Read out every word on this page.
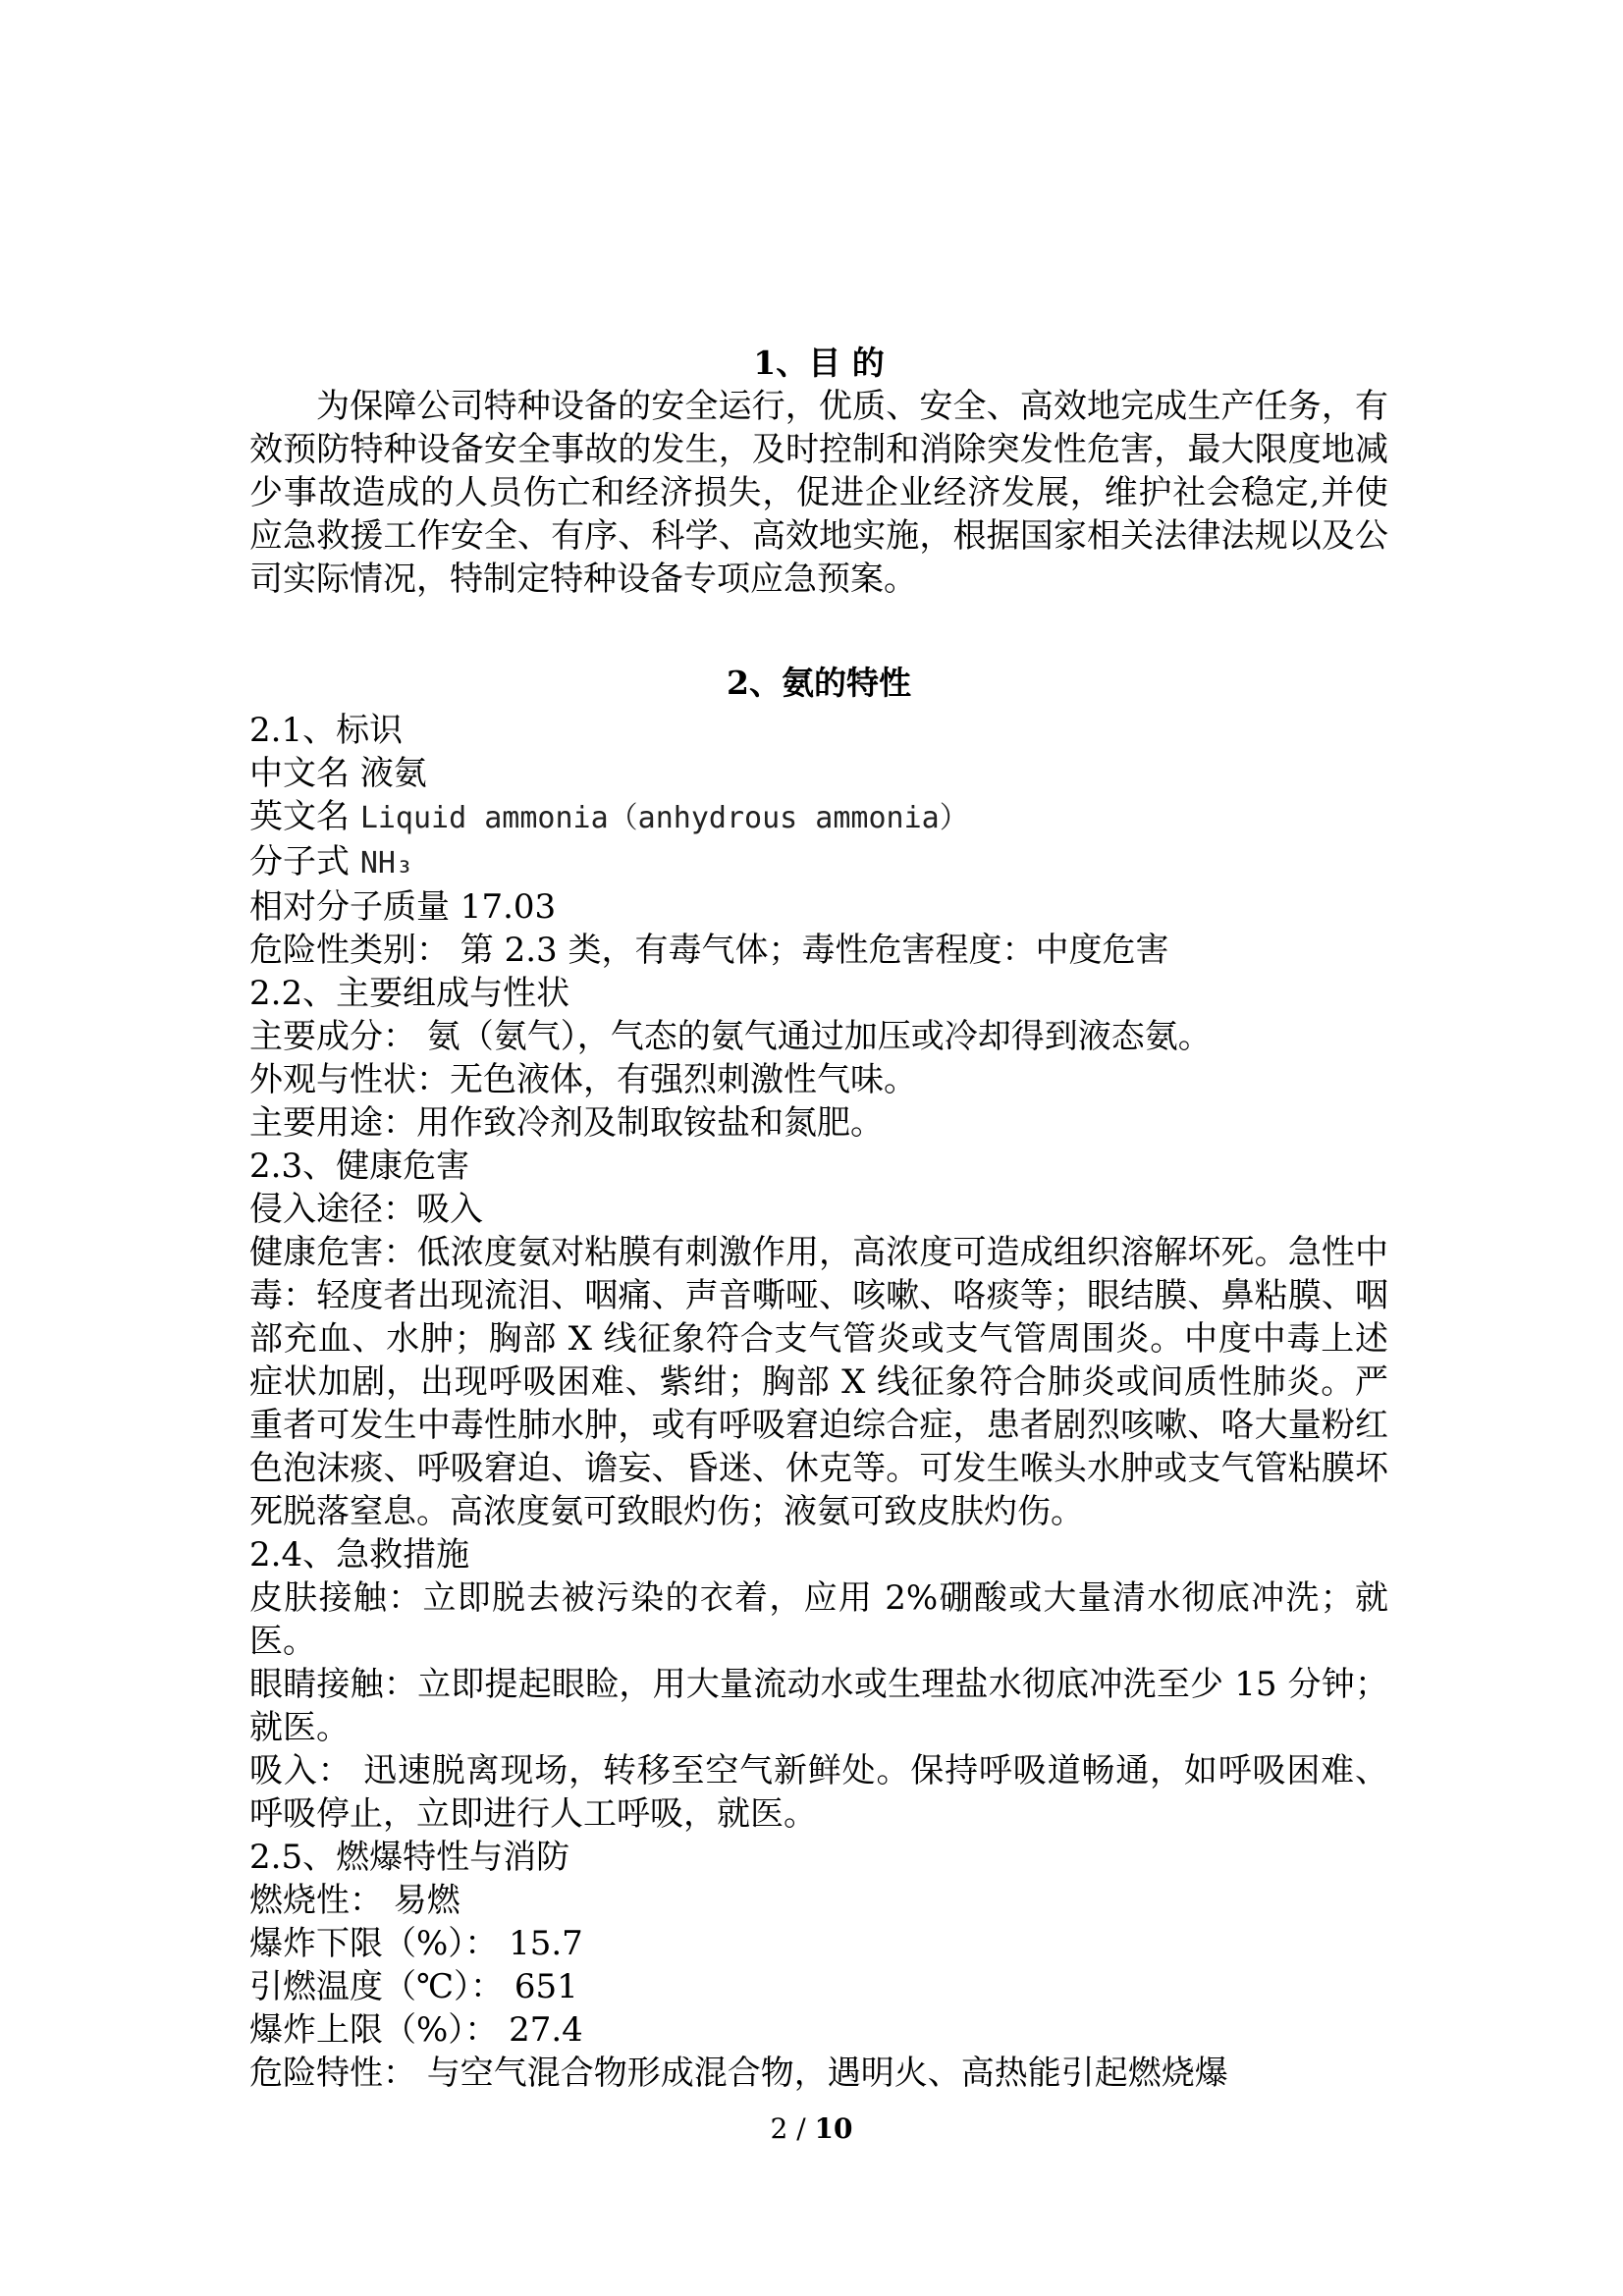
1、目 的
为保障公司特种设备的安全运行，优质、安全、高效地完成生产任务，有效预防特种设备安全事故的发生，及时控制和消除突发性危害，最大限度地减少事故造成的人员伤亡和经济损失，促进企业经济发展，维护社会稳定,并使应急救援工作安全、有序、科学、高效地实施，根据国家相关法律法规以及公司实际情况，特制定特种设备专项应急预案。
2、氨的特性
2.1、标识
中文名 液氨
英文名 Liquid ammonia（anhydrous ammonia）
分子式 NH₃
相对分子质量 17.03
危险性类别： 第 2.3 类，有毒气体；毒性危害程度：中度危害
2.2、主要组成与性状
主要成分： 氨（氨气），气态的氨气通过加压或冷却得到液态氨。
外观与性状：无色液体，有强烈刺激性气味。
主要用途：用作致冷剂及制取铵盐和氮肥。
2.3、健康危害
侵入途径：吸入
健康危害：低浓度氨对粘膜有刺激作用，高浓度可造成组织溶解坏死。急性中毒：轻度者出现流泪、咽痛、声音嘶哑、咳嗽、咯痰等；眼结膜、鼻粘膜、咽部充血、水肿；胸部 X 线征象符合支气管炎或支气管周围炎。中度中毒上述症状加剧，出现呼吸困难、紫绀；胸部 X 线征象符合肺炎或间质性肺炎。严重者可发生中毒性肺水肿，或有呼吸窘迫综合症，患者剧烈咳嗽、咯大量粉红色泡沫痰、呼吸窘迫、谵妄、昏迷、休克等。可发生喉头水肿或支气管粘膜坏死脱落窒息。高浓度氨可致眼灼伤；液氨可致皮肤灼伤。
2.4、急救措施
皮肤接触：立即脱去被污染的衣着，应用 2%硼酸或大量清水彻底冲洗；就医。
眼睛接触：立即提起眼睑，用大量流动水或生理盐水彻底冲洗至少 15 分钟；就医。
吸入： 迅速脱离现场，转移至空气新鲜处。保持呼吸道畅通，如呼吸困难、呼吸停止，立即进行人工呼吸，就医。
2.5、燃爆特性与消防
燃烧性： 易燃
爆炸下限（%）： 15.7
引燃温度（℃）： 651
爆炸上限（%）： 27.4
危险特性： 与空气混合物形成混合物，遇明火、高热能引起燃烧爆
2 / 10
